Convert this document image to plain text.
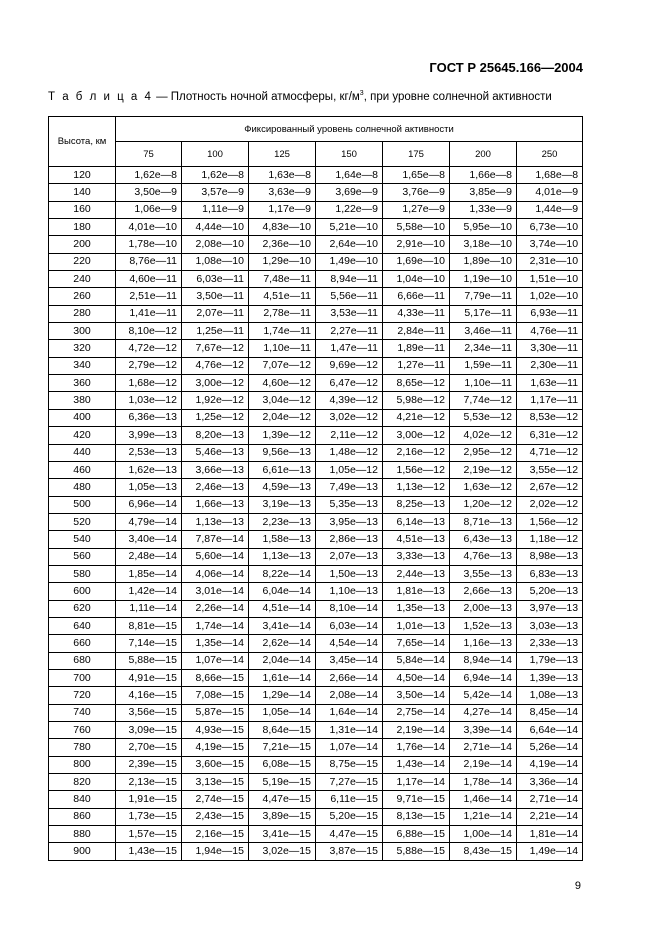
ГОСТ Р 25645.166—2004
Т а б л и ц а 4 — Плотность ночной атмосферы, $кг/м^3$, при уровне солнечной активности
Высота, км	Фиксированный уровень солнечной активности						
	75	100	125	150	175	200	250
120	1,62e—8	1,62e—8	1,63e—8	1,64e—8	1,65e—8	1,66e—8	1,68e—8
140	3,50e—9	3,57e—9	3,63e—9	3,69e—9	3,76e—9	3,85e—9	4,01e—9
160	1,06e—9	1,11e—9	1,17e—9	1,22e—9	1,27e—9	1,33e—9	1,44e—9
180	4,01e—10	4,44e—10	4,83e—10	5,21e—10	5,58e—10	5,95e—10	6,73e—10
200	1,78e—10	2,08e—10	2,36e—10	2,64e—10	2,91e—10	3,18e—10	3,74e—10
220	8,76e—11	1,08e—10	1,29e—10	1,49e—10	1,69e—10	1,89e—10	2,31e—10
240	4,60e—11	6,03e—11	7,48e—11	8,94e—11	1,04e—10	1,19e—10	1,51e—10
260	2,51e—11	3,50e—11	4,51e—11	5,56e—11	6,66e—11	7,79e—11	1,02e—10
280	1,41e—11	2,07e—11	2,78e—11	3,53e—11	4,33e—11	5,17e—11	6,93e—11
300	8,10e—12	1,25e—11	1,74e—11	2,27e—11	2,84e—11	3,46e—11	4,76e—11
320	4,72e—12	7,67e—12	1,10e—11	1,47e—11	1,89e—11	2,34e—11	3,30e—11
340	2,79e—12	4,76e—12	7,07e—12	9,69e—12	1,27e—11	1,59e—11	2,30e—11
360	1,68e—12	3,00e—12	4,60e—12	6,47e—12	8,65e—12	1,10e—11	1,63e—11
380	1,03e—12	1,92e—12	3,04e—12	4,39e—12	5,98e—12	7,74e—12	1,17e—11
400	6,36e—13	1,25e—12	2,04e—12	3,02e—12	4,21e—12	5,53e—12	8,53e—12
420	3,99e—13	8,20e—13	1,39e—12	2,11e—12	3,00e—12	4,02e—12	6,31e—12
440	2,53e—13	5,46e—13	9,56e—13	1,48e—12	2,16e—12	2,95e—12	4,71e—12
460	1,62e—13	3,66e—13	6,61e—13	1,05e—12	1,56e—12	2,19e—12	3,55e—12
480	1,05e—13	2,46e—13	4,59e—13	7,49e—13	1,13e—12	1,63e—12	2,67e—12
500	6,96e—14	1,66e—13	3,19e—13	5,35e—13	8,25e—13	1,20e—12	2,02e—12
520	4,79e—14	1,13e—13	2,23e—13	3,95e—13	6,14e—13	8,71e—13	1,56e—12
540	3,40e—14	7,87e—14	1,58e—13	2,86e—13	4,51e—13	6,43e—13	1,18e—12
560	2,48e—14	5,60e—14	1,13e—13	2,07e—13	3,33e—13	4,76e—13	8,98e—13
580	1,85e—14	4,06e—14	8,22e—14	1,50e—13	2,44e—13	3,55e—13	6,83e—13
600	1,42e—14	3,01e—14	6,04e—14	1,10e—13	1,81e—13	2,66e—13	5,20e—13
620	1,11e—14	2,26e—14	4,51e—14	8,10e—14	1,35e—13	2,00e—13	3,97e—13
640	8,81e—15	1,74e—14	3,41e—14	6,03e—14	1,01e—13	1,52e—13	3,03e—13
660	7,14e—15	1,35e—14	2,62e—14	4,54e—14	7,65e—14	1,16e—13	2,33e—13
680	5,88e—15	1,07e—14	2,04e—14	3,45e—14	5,84e—14	8,94e—14	1,79e—13
700	4,91e—15	8,66e—15	1,61e—14	2,66e—14	4,50e—14	6,94e—14	1,39e—13
720	4,16e—15	7,08e—15	1,29e—14	2,08e—14	3,50e—14	5,42e—14	1,08e—13
740	3,56e—15	5,87e—15	1,05e—14	1,64e—14	2,75e—14	4,27e—14	8,45e—14
760	3,09e—15	4,93e—15	8,64e—15	1,31e—14	2,19e—14	3,39e—14	6,64e—14
780	2,70e—15	4,19e—15	7,21e—15	1,07e—14	1,76e—14	2,71e—14	5,26e—14
800	2,39e—15	3,60e—15	6,08e—15	8,75e—15	1,43e—14	2,19e—14	4,19e—14
820	2,13e—15	3,13e—15	5,19e—15	7,27e—15	1,17e—14	1,78e—14	3,36e—14
840	1,91e—15	2,74e—15	4,47e—15	6,11e—15	9,71e—15	1,46e—14	2,71e—14
860	1,73e—15	2,43e—15	3,89e—15	5,20e—15	8,13e—15	1,21e—14	2,21e—14
880	1,57e—15	2,16e—15	3,41e—15	4,47e—15	6,88e—15	1,00e—14	1,81e—14
900	1,43e—15	1,94e—15	3,02e—15	3,87e—15	5,88e—15	8,43e—15	1,49e—14
9
